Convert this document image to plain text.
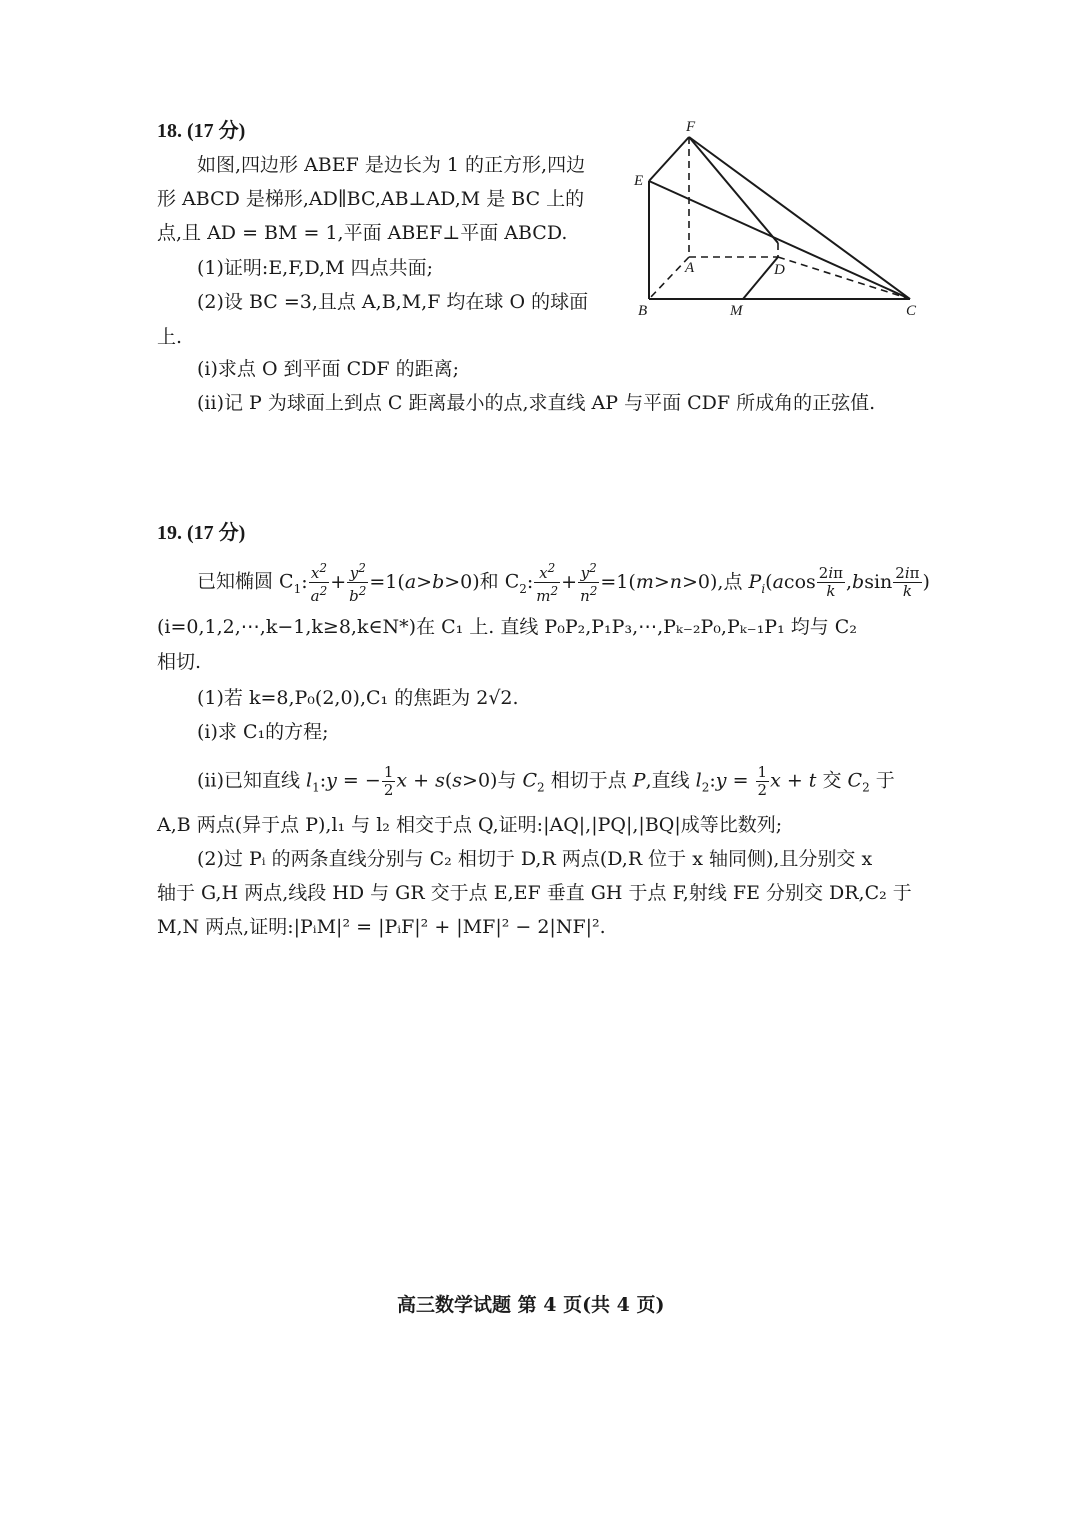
18. (17 分)
如图,四边形 ABEF 是边长为 1 的正方形,四边
形 ABCD 是梯形,AD∥BC,AB⊥AD,M 是 BC 上的
点,且 AD = BM = 1,平面 ABEF⊥平面 ABCD.
(1)证明:E,F,D,M 四点共面;
(2)设 BC =3,且点 A,B,M,F 均在球 O 的球面
上.
(ⅰ)求点 O 到平面 CDF 的距离;
(ⅱ)记 P 为球面上到点 C 距离最小的点,求直线 AP 与平面 CDF 所成角的正弦值.
F
E
A	D
B	M	C
19. (17 分)
已知椭圆 $C_1$: $\frac{x^2}{a^2} + \frac{y^2}{b^2} =1(a>b>0)$和 $C_2$: $\frac{x^2}{m^2} + \frac{y^2}{n^2} =1(m>n>0)$,点 $P_i(acos \frac{2i\pi}{k} ,bsin \frac{2i\pi}{k}$ )
(i=0,1,2,⋯,k−1,k≥8,k∈N*)在 C₁ 上. 直线 P₀P₂,P₁P₃,⋯,Pₖ₋₂P₀,Pₖ₋₁P₁ 均与 C₂
相切.
(1)若 k=8,P₀(2,0),C₁ 的焦距为 2√2.
(ⅰ)求 C₁的方程;
(ⅱ)已知直线 $l_1:y$ = − $\frac{1}{2}$ x + s(s>0)与 $C_2$ 相切于点 P,直线 $l_2:y = \frac{1}{2}$ x + t 交 $C_2$ 于
A,B 两点(异于点 P),l₁ 与 l₂ 相交于点 Q,证明:|AQ|,|PQ|,|BQ|成等比数列;
(2)过 Pᵢ 的两条直线分别与 C₂ 相切于 D,R 两点(D,R 位于 x 轴同侧),且分别交 x
轴于 G,H 两点,线段 HD 与 GR 交于点 E,EF 垂直 GH 于点 F,射线 FE 分别交 DR,C₂ 于
M,N 两点,证明:|PᵢM|² = |PᵢF|² + |MF|² − 2|NF|².
高三数学试题 第 4 页(共 4 页)
